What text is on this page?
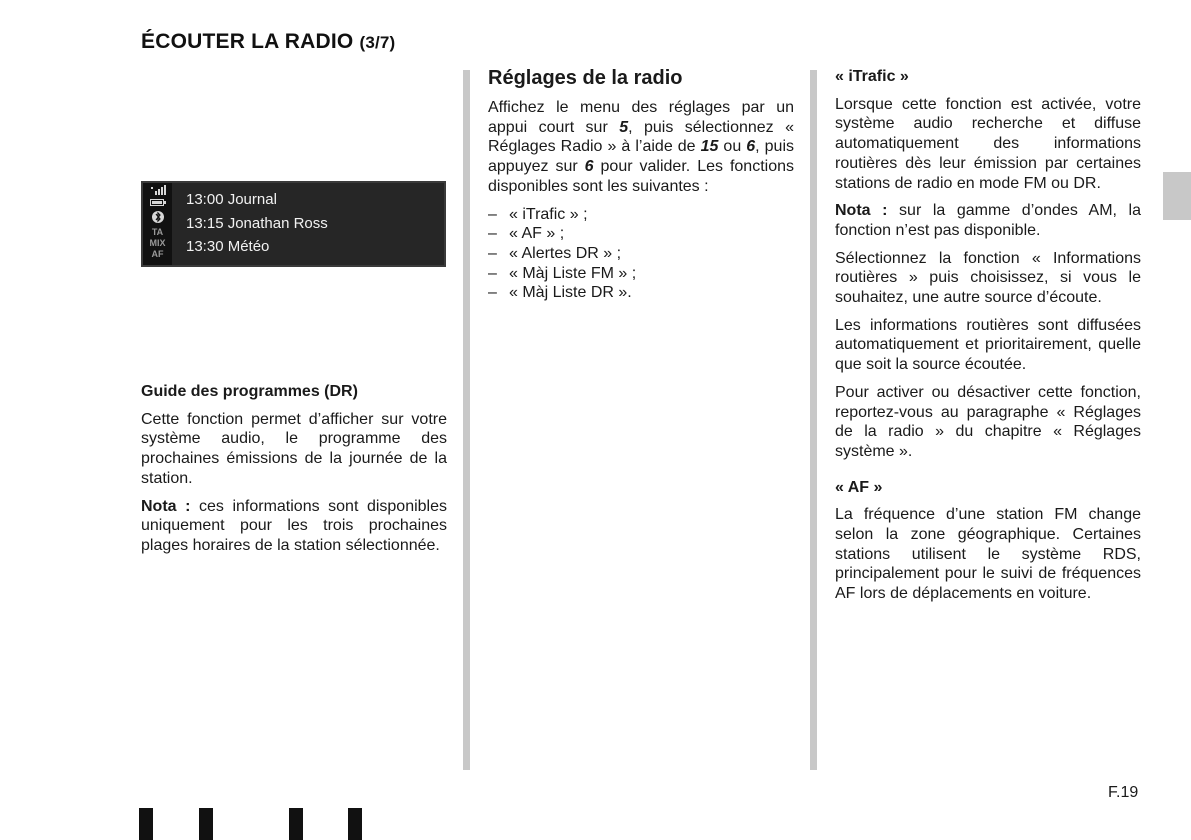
ÉCOUTER LA RADIO (3/7)
TA
MIX
AF
13:00 Journal
13:15 Jonathan Ross
13:30 Météo
Guide des programmes (DR)

Cette fonction permet d’afficher sur votre système audio, le programme des prochaines émissions de la journée de la station.

Nota : ces informations sont disponibles uniquement pour les trois prochaines plages horaires de la station sélectionnée.

Réglages de la radio

Affichez le menu des réglages par un appui court sur 5, puis sélectionnez « Réglages Radio » à l’aide de 15 ou 6, puis appuyez sur 6 pour valider. Les fonctions disponibles sont les suivantes :

– « iTrafic » ;
– « AF » ;
– « Alertes DR » ;
– « Màj Liste FM » ;
– « Màj Liste DR ».
« iTrafic »

Lorsque cette fonction est activée, votre système audio recherche et diffuse automatiquement des informations routières dès leur émission par certaines stations de radio en mode FM ou DR.

Nota : sur la gamme d’ondes AM, la fonction n’est pas disponible.

Sélectionnez la fonction « Informations routières » puis choisissez, si vous le souhaitez, une autre source d’écoute.

Les informations routières sont diffusées automatiquement et prioritairement, quelle que soit la source écoutée.

Pour activer ou désactiver cette fonction, reportez-vous au paragraphe « Réglages de la radio » du chapitre « Réglages système ».

« AF »

La fréquence d’une station FM change selon la zone géographique. Certaines stations utilisent le système RDS, principalement pour le suivi de fréquences AF lors de déplacements en voiture.

F.19
